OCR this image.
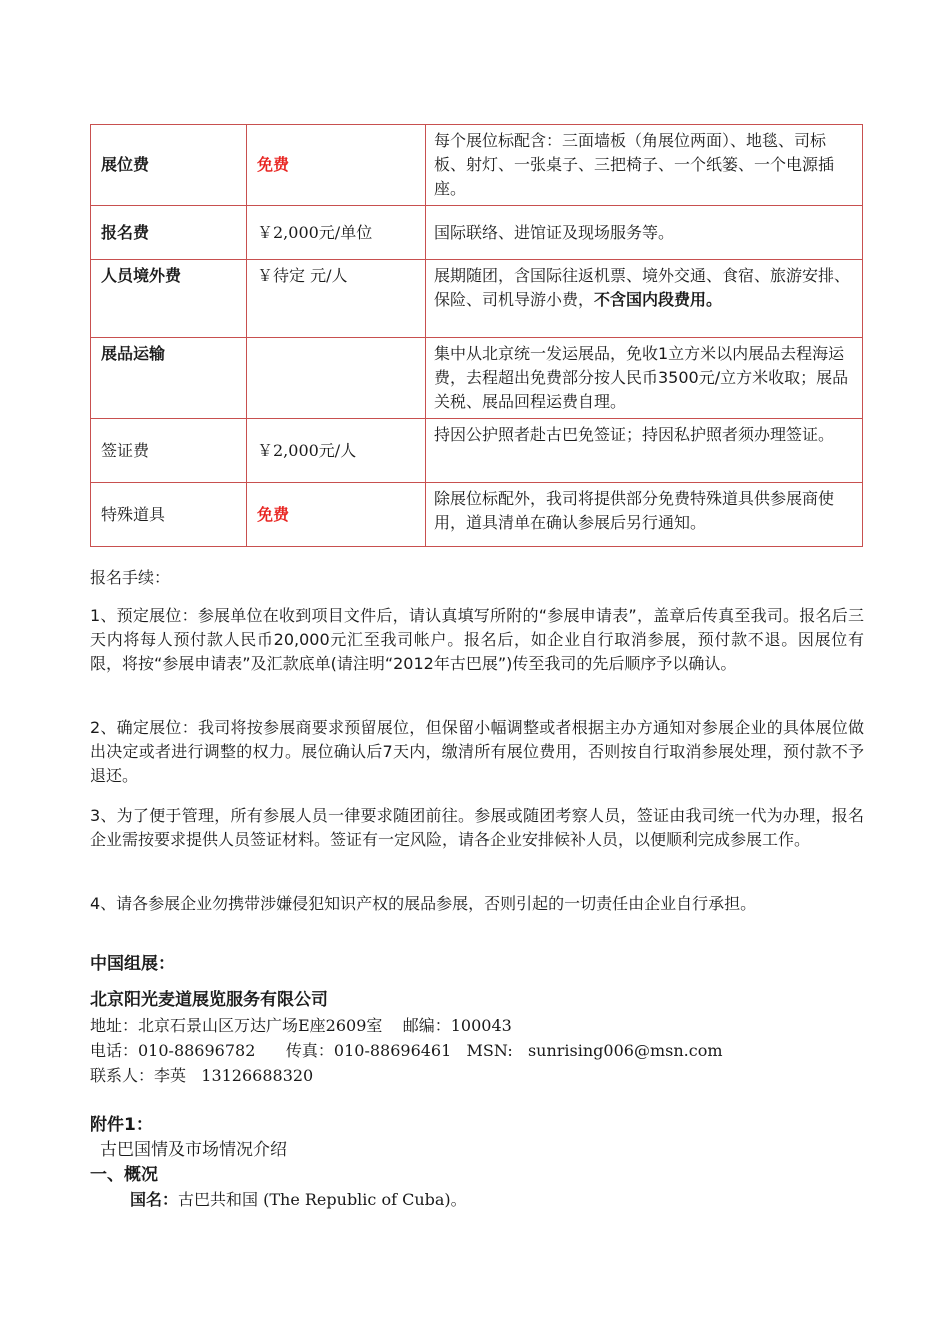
展位费	免费	每个展位标配含：三面墙板（角展位两面）、地毯、司标板、射灯、一张桌子、三把椅子、一个纸篓、一个电源插座。
报名费	￥2,000元/单位	国际联络、进馆证及现场服务等。
人员境外费	￥待定 元/人	展期随团，含国际往返机票、境外交通、食宿、旅游安排、保险、司机导游小费，不含国内段费用。
展品运输		集中从北京统一发运展品，免收1立方米以内展品去程海运费，去程超出免费部分按人民币3500元/立方米收取；展品关税、展品回程运费自理。
签证费	￥2,000元/人	持因公护照者赴古巴免签证；持因私护照者须办理签证。
特殊道具	免费	除展位标配外，我司将提供部分免费特殊道具供参展商使用，道具清单在确认参展后另行通知。
报名手续：
1、预定展位：参展单位在收到项目文件后，请认真填写所附的“参展申请表”，盖章后传真至我司。报名后三天内将每人预付款人民币20,000元汇至我司帐户。报名后，如企业自行取消参展，预付款不退。因展位有限，将按“参展申请表”及汇款底单(请注明“2012年古巴展”)传至我司的先后顺序予以确认。
2、确定展位：我司将按参展商要求预留展位，但保留小幅调整或者根据主办方通知对参展企业的具体展位做出决定或者进行调整的权力。展位确认后7天内，缴清所有展位费用，否则按自行取消参展处理，预付款不予退还。
3、为了便于管理，所有参展人员一律要求随团前往。参展或随团考察人员，签证由我司统一代为办理，报名企业需按要求提供人员签证材料。签证有一定风险，请各企业安排候补人员，以便顺利完成参展工作。
4、请各参展企业勿携带涉嫌侵犯知识产权的展品参展，否则引起的一切责任由企业自行承担。
中国组展：
北京阳光麦道展览服务有限公司
地址：北京石景山区万达广场E座2609室    邮编：100043
电话：010-88696782      传真：010-88696461   MSN:   sunrising006@msn.com
联系人：李英   13126688320
附件1：
古巴国情及市场情况介绍
一、概况
国名：古巴共和国 (The Republic of Cuba)。
